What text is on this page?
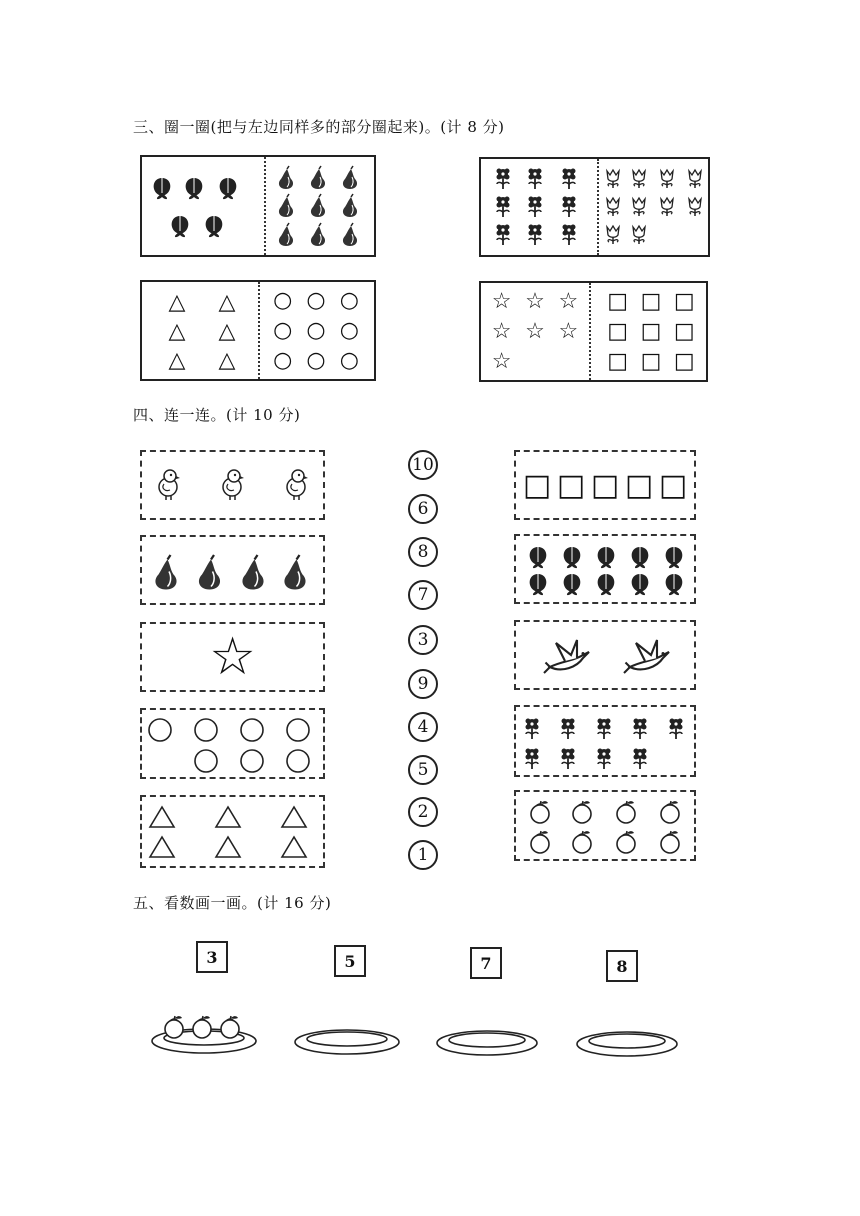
三、圈一圈(把与左边同样多的部分圈起来)。(计 8 分)
△	△
△	△
△	△
○ ○ ○
○ ○ ○
○ ○ ○
☆ ☆ ☆
☆ ☆ ☆
☆
□ □ □
□ □ □
□ □ □
四、连一连。(计 10 分)
☆
10
6
8
7
3
9
4
5
2
1
□ □ □ □ □
五、看数画一画。(计 16 分)
3	5	7	8
